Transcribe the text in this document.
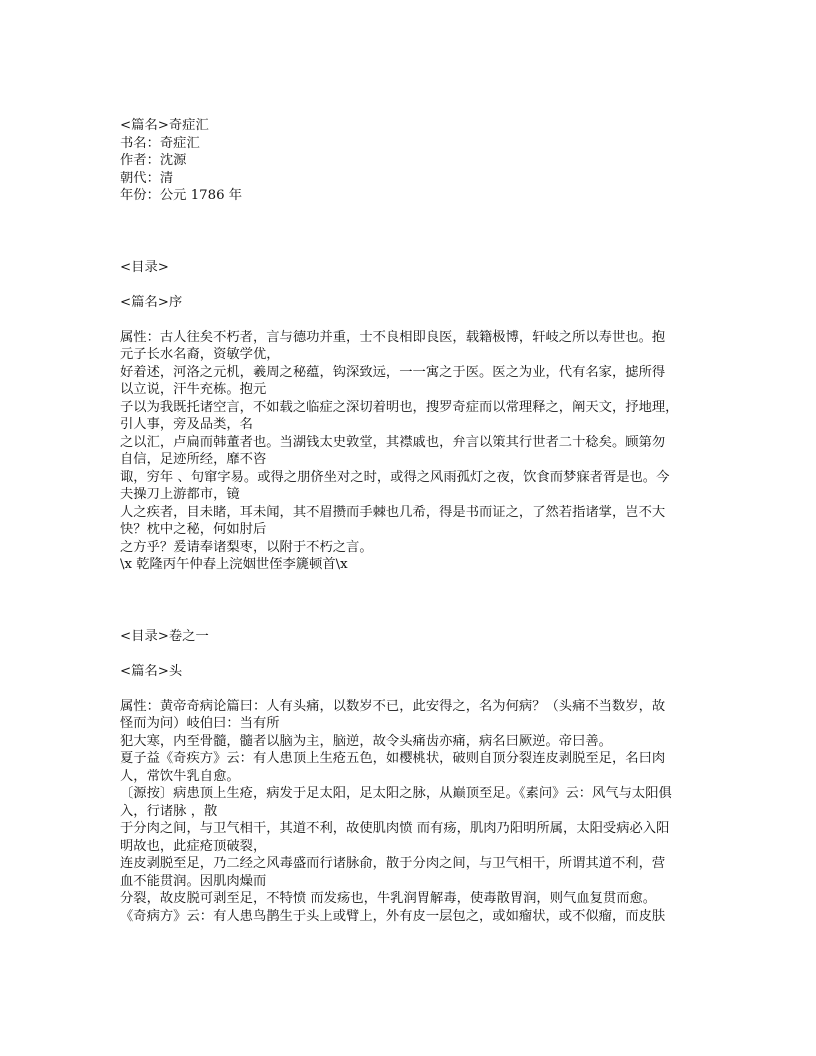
<篇名>奇症汇
书名：奇症汇
作者：沈源
朝代：清
年份：公元 1786 年
<目录>
<篇名>序
属性：古人往矣不朽者，言与德功并重，士不良相即良医，载籍极博，轩岐之所以寿世也。抱
元子长水名裔，资敏学优，
好着述，河洛之元机，羲周之秘蕴，钩深致远，一一寓之于医。医之为业，代有名家，摅所得
以立说，汗牛充栋。抱元
子以为我既托诸空言，不如载之临症之深切着明也，搜罗奇症而以常理释之，阐天文，抒地理，
引人事，旁及品类，名
之以汇，卢扁而韩董者也。当湖钱太史敦堂，其襟戚也，弁言以策其行世者二十稔矣。顾第勿
自信，足迹所经，靡不咨
诹，穷年 、句窜字易。或得之朋侪坐对之时，或得之风雨孤灯之夜，饮食而梦寐者胥是也。今
夫操刀上游都市，镜
人之疾者，目未睹，耳未闻，其不眉攒而手棘也几希，得是书而证之，了然若指诸掌，岂不大
快？枕中之秘，何如肘后
之方乎？爰请奉诸梨枣，以附于不朽之言。
\x 乾隆丙午仲春上浣姻世侄李篪顿首\x
<目录>卷之一
<篇名>头
属性：黄帝奇病论篇曰：人有头痛，以数岁不已，此安得之，名为何病？（头痛不当数岁，故
怪而为问）岐伯曰：当有所
犯大寒，内至骨髓，髓者以脑为主，脑逆，故令头痛齿亦痛，病名曰厥逆。帝曰善。
夏子益《奇疾方》云：有人患顶上生疮五色，如樱桃状，破则自顶分裂连皮剥脱至足，名曰肉
人，常饮牛乳自愈。
〔源按〕病患顶上生疮，病发于足太阳，足太阳之脉，从巅顶至足。《素问》云：风气与太阳俱
入，行诸脉 ，散
于分肉之间，与卫气相干，其道不利，故使肌肉愤 而有疡，肌肉乃阳明所属，太阳受病必入阳
明故也，此症疮顶破裂，
连皮剥脱至足，乃二经之风毒盛而行诸脉俞，散于分肉之间，与卫气相干，所谓其道不利，营
血不能贯润。因肌肉燥而
分裂，故皮脱可剥至足，不特愤 而发疡也，牛乳润胃解毒，使毒散胃润，则气血复贯而愈。
《奇病方》云：有人患鸟鹊生于头上或臂上，外有皮一层包之，或如瘤状，或不似瘤，而皮肤
